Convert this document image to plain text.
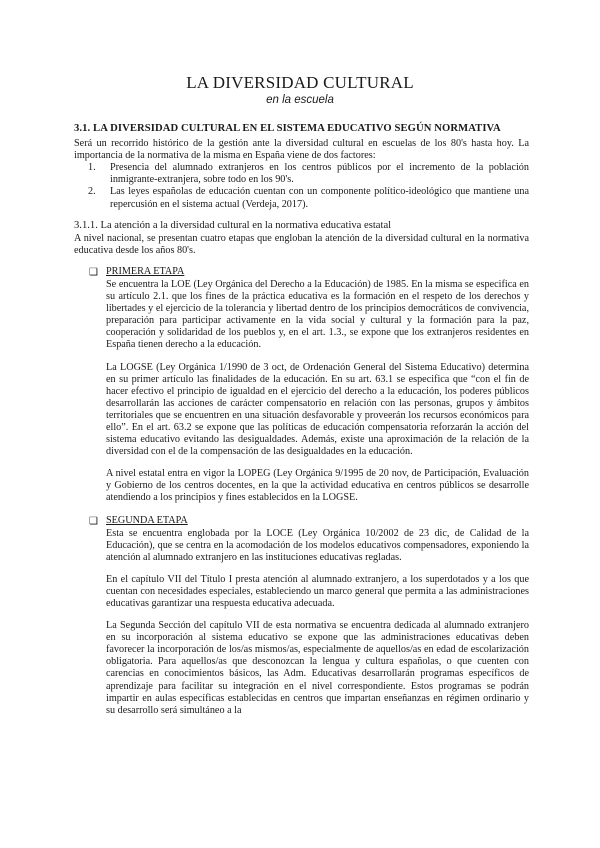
LA DIVERSIDAD CULTURAL
en la escuela
3.1. LA DIVERSIDAD CULTURAL EN EL SISTEMA EDUCATIVO SEGÚN NORMATIVA

Será un recorrido histórico de la gestión ante la diversidad cultural en escuelas de los 80's hasta hoy. La importancia de la normativa de la misma en España viene de dos factores:

1. Presencia del alumnado extranjeros en los centros públicos por el incremento de la población inmigrante-extranjera, sobre todo en los 90's.
2. Las leyes españolas de educación cuentan con un componente político-ideológico que mantiene una repercusión en el sistema actual (Verdeja, 2017).
3.1.1. La atención a la diversidad cultural en la normativa educativa estatal

A nivel nacional, se presentan cuatro etapas que engloban la atención de la diversidad cultural en la normativa educativa desde los años 80's.

❑ PRIMERA ETAPA

Se encuentra la LOE (Ley Orgánica del Derecho a la Educación) de 1985. En la misma se especifica en su artículo 2.1. que los fines de la práctica educativa es la formación en el respeto de los derechos y libertades y el ejercicio de la tolerancia y libertad dentro de los principios democráticos de convivencia, preparación para participar activamente en la vida social y cultural y la formación para la paz, cooperación y solidaridad de los pueblos y, en el art. 1.3., se expone que los extranjeros residentes en España tienen derecho a la educación.

La LOGSE (Ley Orgánica 1/1990 de 3 oct, de Ordenación General del Sistema Educativo) determina en su primer artículo las finalidades de la educación. En su art. 63.1 se especifica que “con el fin de hacer efectivo el principio de igualdad en el ejercicio del derecho a la educación, los poderes públicos desarrollarán las acciones de carácter compensatorio en relación con las personas, grupos y ámbitos territoriales que se encuentren en una situación desfavorable y proveerán los recursos económicos para ello”. En el art. 63.2 se expone que las políticas de educación compensatoria reforzarán la acción del sistema educativo evitando las desigualdades. Además, existe una aproximación de la relación de la diversidad con el de la compensación de las desigualdades en la educación.

A nivel estatal entra en vigor la LOPEG (Ley Orgánica 9/1995 de 20 nov, de Participación, Evaluación y Gobierno de los centros docentes, en la que la actividad educativa en centros públicos se desarrolle atendiendo a los principios y fines establecidos en la LOGSE.

❑ SEGUNDA ETAPA

Esta se encuentra englobada por la LOCE (Ley Orgánica 10/2002 de 23 dic, de Calidad de la Educación), que se centra en la acomodación de los modelos educativos compensadores, exponiendo la atención al alumnado extranjero en las instituciones educativas regladas.

En el capítulo VII del Título I presta atención al alumnado extranjero, a los superdotados y a los que cuentan con necesidades especiales, estableciendo un marco general que permita a las administraciones educativas garantizar una respuesta educativa adecuada.

La Segunda Sección del capítulo VII de esta normativa se encuentra dedicada al alumnado extranjero en su incorporación al sistema educativo se expone que las administraciones educativas deben favorecer la incorporación de los/as mismos/as, especialmente de aquellos/as en edad de escolarización obligatoria. Para aquellos/as que desconozcan la lengua y cultura españolas, o que cuenten con carencias en conocimientos básicos, las Adm. Educativas desarrollarán programas específicos de aprendizaje para facilitar su integración en el nivel correspondiente. Estos programas se podrán impartir en aulas específicas establecidas en centros que impartan enseñanzas en régimen ordinario y su desarrollo será simultáneo a la
